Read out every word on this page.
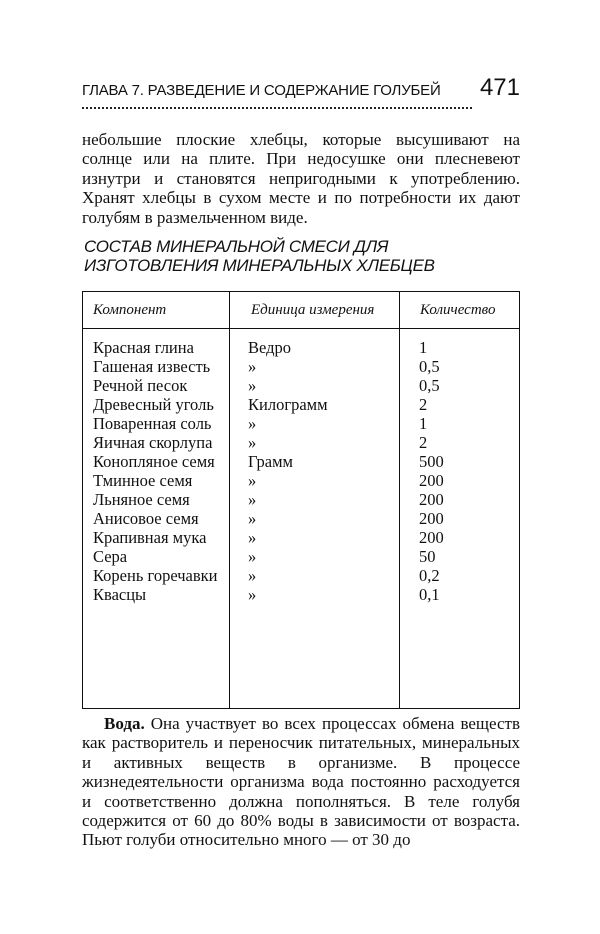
ГЛАВА 7. РАЗВЕДЕНИЕ И СОДЕРЖАНИЕ ГОЛУБЕЙ 471

небольшие плоские хлебцы, которые высушивают на солнце или на плите. При недосушке они плесневеют изнутри и становятся непригодными к употреблению. Хранят хлебцы в сухом месте и по потребности их дают голубям в размельченном виде.

СОСТАВ МИНЕРАЛЬНОЙ СМЕСИ ДЛЯ
ИЗГОТОВЛЕНИЯ МИНЕРАЛЬНЫХ ХЛЕБЦЕВ

Компонент	Единица измерения	Количество
Красная глина	Ведро	1
Гашеная известь	»	0,5
Речной песок	»	0,5
Древесный уголь	Килограмм	2
Поваренная соль	»	1
Яичная скорлупа	»	2
Конопляное семя	Грамм	500
Тминное семя	»	200
Льняное семя	»	200
Анисовое семя	»	200
Крапивная мука	»	200
Сера	»	50
Корень горечавки	»	0,2
Квасцы	»	0,1

Вода. Она участвует во всех процессах обмена веществ как растворитель и переносчик питательных, минеральных и активных веществ в организме. В процессе жизнедеятельности организма вода постоянно расходуется и соответственно должна пополняться. В теле голубя содержится от 60 до 80% воды в зависимости от возраста. Пьют голуби относительно много — от 30 до
